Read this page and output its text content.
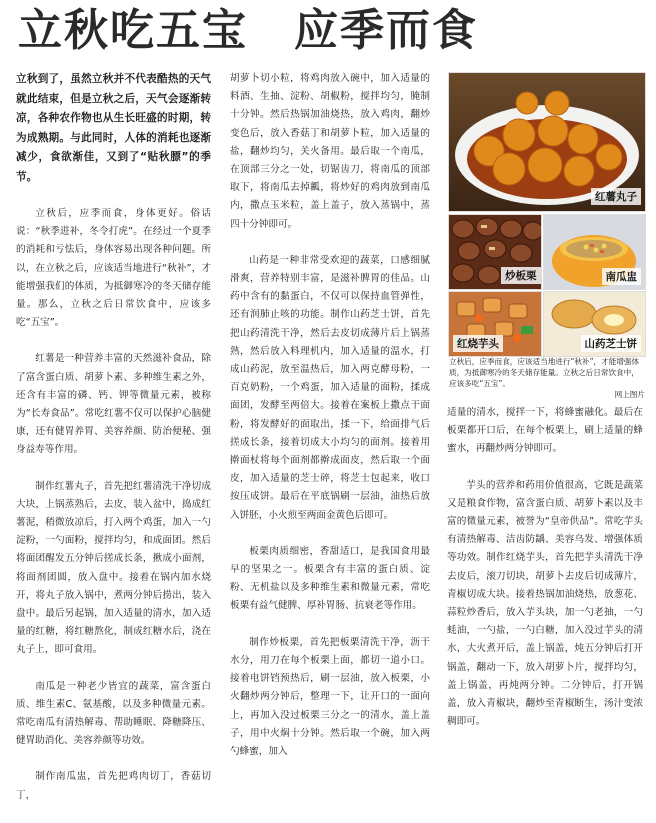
立秋吃五宝　应季而食

立秋到了，虽然立秋并不代表酷热的天气就此结束，但是立秋之后，天气会逐渐转凉，各种农作物也从生长旺盛的时期，转为成熟期。与此同时，人体的消耗也逐渐减少，食欲渐佳，又到了“贴秋膘”的季节。

立秋后，应季而食，身体更好。俗话说：“秋季进补，冬令打虎”。在经过一个夏季的消耗和亏怯后，身体容易出现各种问题。所以，在立秋之后，应该适当地进行“秋补”，才能增强我们的体质，为抵御寒冷的冬天储存能量。那么，立秋之后日常饮食中，应该多吃“五宝”。

红薯是一种营养丰富的天然滋补食品，除了富含蛋白质、胡萝卜素、多种维生素之外，还含有丰富的磷、钙、钾等微量元素，被称为“长寿食品”。常吃红薯不仅可以保护心脑健康，还有健胃养胃、美容养颜、防治便秘、强身益寿等作用。

制作红薯丸子，首先把红薯清洗干净切成大块，上锅蒸熟后，去皮，装入盆中，捣成红薯泥，稍微放凉后，打入两个鸡蛋，加入一勺淀粉，一勺面粉，搅拌均匀，和成面团。然后将面团醒发五分钟后搓成长条，揪成小面剂，将面剂团圆，放入盘中。接着在锅内加水烧开，将丸子放入锅中，煮两分钟后捞出，装入盘中。最后另起锅，加入适量的清水，加入适量的红糖，将红糖熬化，制成红糖水后，浇在丸子上，即可食用。

南瓜是一种老少皆宜的蔬菜，富含蛋白质、维生素C、氨基酸，以及多种微量元素。常吃南瓜有清热解毒、帮助睡眠、降糖降压、健胃助消化、美容养颜等功效。

制作南瓜盅，首先把鸡肉切丁，香菇切丁，

胡萝卜切小粒，将鸡肉放入碗中，加入适量的料酒、生抽、淀粉、胡椒粉，搅拌均匀，腌制十分钟。然后热锅加油烧热，放入鸡肉，翻炒变色后，放入香菇丁和胡萝卜粒，加入适量的盐，翻炒均匀，关火备用。最后取一个南瓜，在顶部三分之一处，切锯齿刀，将南瓜的顶部取下，将南瓜去掉瓤，将炒好的鸡肉放到南瓜内，撒点玉米粒，盖上盖子，放入蒸锅中，蒸四十分钟即可。

山药是一种非常受欢迎的蔬菜，口感细腻滑爽，营养特别丰富，是滋补脾胃的佳品。山药中含有的黏蛋白，不仅可以保持血管弹性，还有润肺止咳的功能。制作山药芝士饼，首先把山药清洗干净，然后去皮切成薄片后上锅蒸熟，然后放入料理机内，加入适量的温水，打成山药泥，放至温热后，加入两克酵母粉，一百克奶粉，一个鸡蛋，加入适量的面粉，揉成面团，发酵至两倍大。接着在案板上撒点干面粉，将发酵好的面取出，揉一下，给面排气后搓成长条，接着切成大小均匀的面剂。接着用擀面杖将每个面剂都擀成面皮，然后取一个面皮，加入适量的芝士碎，将芝士包起来，收口按压成饼。最后在平底锅刷一层油，油热后放入饼胚，小火煎至两面金黄色后即可。

板栗肉质细密，香甜适口，是我国食用最早的坚果之一。板栗含有丰富的蛋白质、淀粉、无机盐以及多种维生素和微量元素，常吃板栗有益气健脾、厚补胃肠、抗衰老等作用。

制作炒板栗，首先把板栗清洗干净，沥干水分，用刀在每个板栗上面，都切一道小口。接着电饼铛预热后，刷一层油，放入板栗，小火翻炒两分钟后，整理一下，让开口的一面向上，再加入没过板栗三分之一的清水，盖上盖子，用中火焖十分钟。然后取一个碗，加入两勺蜂蜜，加入

红薯丸子
炒板栗	南瓜盅
红烧芋头	山药芝士饼
立秋后，应季而食，应该适当地进行“秋补”，才能增强体质，为抵御寒冷的冬天储存能量。立秋之后日常饮食中，应该多吃“五宝”。
网上图片

适量的清水，搅拌一下，将蜂蜜融化。最后在板栗都开口后，在每个板栗上，刷上适量的蜂蜜水，再翻炒两分钟即可。

芋头的营养和药用价值很高，它既是蔬菜又是粮食作物，富含蛋白质、胡萝卜素以及丰富的微量元素，被誉为“皇帝供品”。常吃芋头有清热解毒、洁齿防龋、美容乌发、增强体质等功效。制作红烧芋头，首先把芋头清洗干净去皮后，滚刀切块，胡萝卜去皮后切成薄片，青椒切成大块。接着热锅加油烧热，放葱花、蒜粒炒香后，放入芋头块，加一勺老抽，一勺蚝油，一勺盐，一勺白糖，加入没过芋头的清水，大火煮开后，盖上锅盖，炖五分钟后打开锅盖，翻动一下，放入胡萝卜片，搅拌均匀，盖上锅盖，再炖两分钟。二分钟后，打开锅盖，放入青椒块，翻炒至青椒断生，汤汁变浓稠即可。
